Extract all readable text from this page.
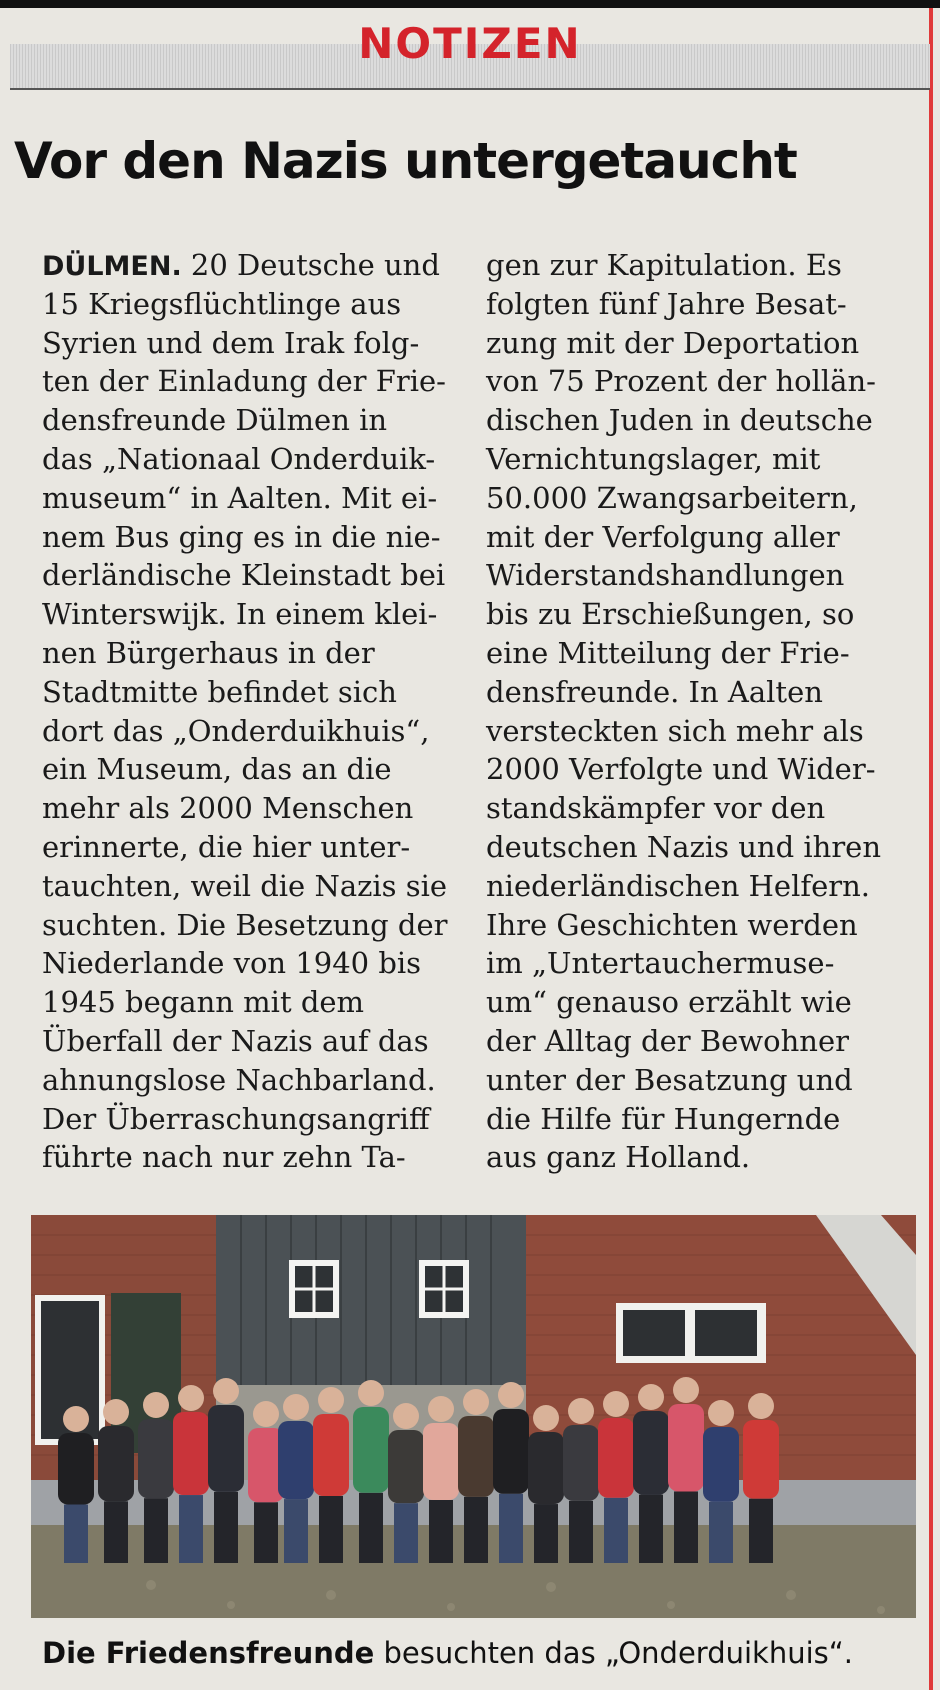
NOTIZEN
Vor den Nazis untergetaucht
DÜLMEN. 20 Deutsche und
15 Kriegsflüchtlinge aus
Syrien und dem Irak folg-
ten der Einladung der Frie-
densfreunde Dülmen in
das „Nationaal Onderduik-
museum“ in Aalten. Mit ei-
nem Bus ging es in die nie-
derländische Kleinstadt bei
Winterswijk. In einem klei-
nen Bürgerhaus in der
Stadtmitte befindet sich
dort das „Onderduikhuis“,
ein Museum, das an die
mehr als 2000 Menschen
erinnerte, die hier unter-
tauchten, weil die Nazis sie
suchten. Die Besetzung der
Niederlande von 1940 bis
1945 begann mit dem
Überfall der Nazis auf das
ahnungslose Nachbarland.
Der Überraschungsangriff
führte nach nur zehn Ta-
gen zur Kapitulation. Es
folgten fünf Jahre Besat-
zung mit der Deportation
von 75 Prozent der hollän-
dischen Juden in deutsche
Vernichtungslager, mit
50.000 Zwangsarbeitern,
mit der Verfolgung aller
Widerstandshandlungen
bis zu Erschießungen, so
eine Mitteilung der Frie-
densfreunde. In Aalten
versteckten sich mehr als
2000 Verfolgte und Wider-
standskämpfer vor den
deutschen Nazis und ihren
niederländischen Helfern.
Ihre Geschichten werden
im „Untertauchermuse-
um“ genauso erzählt wie
der Alltag der Bewohner
unter der Besatzung und
die Hilfe für Hungernde
aus ganz Holland.
Die Friedensfreunde besuchten das „Onderduikhuis“.
